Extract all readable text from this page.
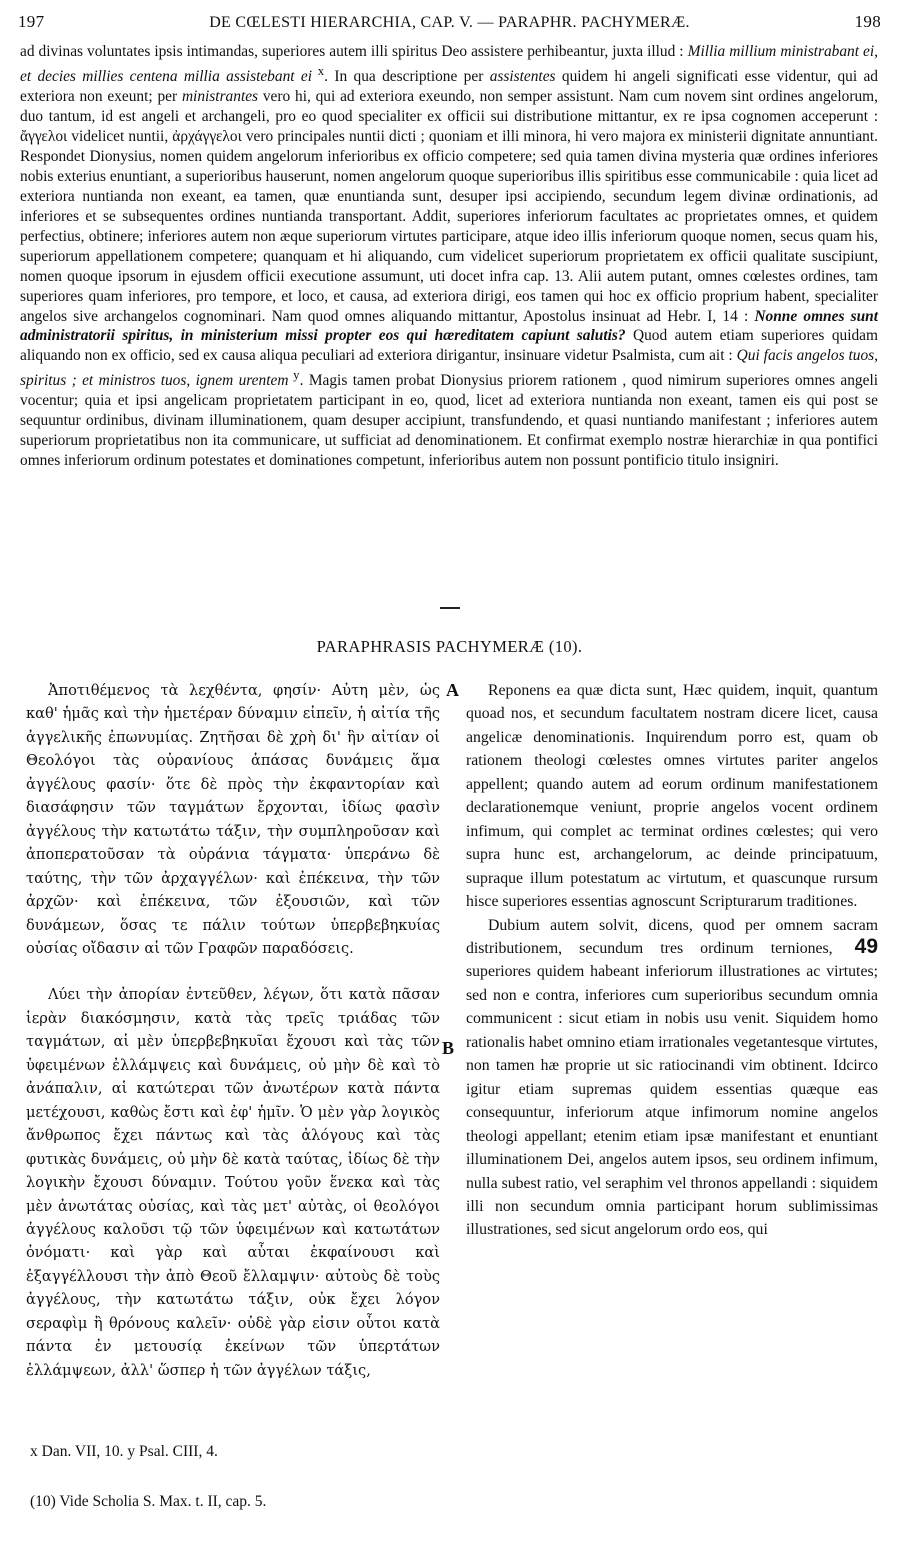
197	DE CŒLESTI HIERARCHIA, CAP. V. — PARAPHR. PACHYMERÆ.	198

ad divinas voluntates ipsis intimandas, superiores autem illi spiritus Deo assistere perhibeantur, juxta illud : Millia millium ministrabant ei, et decies millies centena millia assistebant ei $^x$. In qua descriptione per assistentes quidem hi angeli significati esse videntur, qui ad exteriora non exeunt; per ministrantes vero hi, qui ad exteriora exeundo, non semper assistunt. Nam cum novem sint ordines angelorum, duo tantum, id est angeli et archangeli, pro eo quod specialiter ex officii sui distributione mittantur, ex re ipsa cognomen acceperunt : ἄγγελοι videlicet nuntii, ἀρχάγγελοι vero principales nuntii dicti ; quoniam et illi minora, hi vero majora ex ministerii dignitate annuntiant. Respondet Dionysius, nomen quidem angelorum inferioribus ex officio competere; sed quia tamen divina mysteria quæ ordines inferiores nobis exterius enuntiant, a superioribus hauserunt, nomen angelorum quoque superioribus illis spiritibus esse communicabile : quia licet ad exteriora nuntianda non exeant, ea tamen, quæ enuntianda sunt, desuper ipsi accipiendo, secundum legem divinæ ordinationis, ad inferiores et se subsequentes ordines nuntianda transportant. Addit, superiores inferiorum facultates ac proprietates omnes, et quidem perfectius, obtinere; inferiores autem non æque superiorum virtutes participare, atque ideo illis inferiorum quoque nomen, secus quam his, superiorum appellationem competere; quanquam et hi aliquando, cum videlicet superiorum proprietatem ex officii qualitate suscipiunt, nomen quoque ipsorum in ejusdem officii executione assumunt, uti docet infra cap. 13. Alii autem putant, omnes cœlestes ordines, tam superiores quam inferiores, pro tempore, et loco, et causa, ad exteriora dirigi, eos tamen qui hoc ex officio proprium habent, specialiter angelos sive archangelos cognominari. Nam quod omnes aliquando mittantur, Apostolus insinuat ad Hebr. I, 14 : Nonne omnes sunt administratorii spiritus, in ministerium missi propter eos qui hæreditatem capiunt salutis? Quod autem etiam superiores quidam aliquando non ex officio, sed ex causa aliqua peculiari ad exteriora dirigantur, insinuare videtur Psalmista, cum ait : Qui facis angelos tuos, spiritus ; et ministros tuos, ignem urentem $^y$. Magis tamen probat Dionysius priorem rationem , quod nimirum superiores omnes angeli vocentur; quia et ipsi angelicam proprietatem participant in eo, quod, licet ad exteriora nuntianda non exeant, tamen eis qui post se sequuntur ordinibus, divinam illuminationem, quam desuper accipiunt, transfundendo, et quasi nuntiando manifestant ; inferiores autem superiorum proprietatibus non ita communicare, ut sufficiat ad denominationem. Et confirmat exemplo nostræ hierarchiæ in qua pontifici omnes inferiorum ordinum potestates et dominationes competunt, inferioribus autem non possunt pontificio titulo insigniri.

PARAPHRASIS PACHYMERÆ (10).
A
B

Ἀποτιθέμενος τὰ λεχθέντα, φησίν· Αὐτη μὲν, ὡς καθ' ἡμᾶς καὶ τὴν ἡμετέραν δύναμιν εἰπεῖν, ἡ αἰτία τῆς ἀγγελικῆς ἐπωνυμίας. Ζητῆσαι δὲ χρὴ δι' ἣν αἰτίαν οἱ Θεολόγοι τὰς οὐρανίους ἁπάσας δυνάμεις ἅμα ἀγγέλους φασίν· ὅτε δὲ πρὸς τὴν ἐκφαντορίαν καὶ διασάφησιν τῶν ταγμάτων ἔρχονται, ἰδίως φασὶν ἀγγέλους τὴν κατωτάτω τάξιν, τὴν συμπληροῦσαν καὶ ἀποπερατοῦσαν τὰ οὐράνια τάγματα· ὑπεράνω δὲ ταύτης, τὴν τῶν ἀρχαγγέλων· καὶ ἐπέκεινα, τὴν τῶν ἀρχῶν· καὶ ἐπέκεινα, τῶν ἐξουσιῶν, καὶ τῶν δυνάμεων, ὅσας τε πάλιν τούτων ὑπερβεβηκυίας οὐσίας οἴδασιν αἱ τῶν Γραφῶν παραδόσεις.

Λύει τὴν ἀπορίαν ἐντεῦθεν, λέγων, ὅτι κατὰ πᾶσαν ἱερὰν διακόσμησιν, κατὰ τὰς τρεῖς τριάδας τῶν ταγμάτων, αἱ μὲν ὑπερβεβηκυῖαι ἔχουσι καὶ τὰς τῶν ὑφειμένων ἐλλάμψεις καὶ δυνάμεις, οὐ μὴν δὲ καὶ τὸ ἀνάπαλιν, αἱ κατώτεραι τῶν ἀνωτέρων κατὰ πάντα μετέχουσι, καθὼς ἔστι καὶ ἐφ' ἡμῖν. Ὁ μὲν γὰρ λογικὸς ἄνθρωπος ἔχει πάντως καὶ τὰς ἀλόγους καὶ τὰς φυτικὰς δυνάμεις, οὐ μὴν δὲ κατὰ ταύτας, ἰδίως δὲ τὴν λογικὴν ἔχουσι δύναμιν. Τούτου γοῦν ἕνεκα καὶ τὰς μὲν ἀνωτάτας οὐσίας, καὶ τὰς μετ' αὐτὰς, οἱ θεολόγοι ἀγγέλους καλοῦσι τῷ τῶν ὑφειμένων καὶ κατωτάτων ὀνόματι· καὶ γὰρ καὶ αὗται ἐκφαίνουσι καὶ ἐξαγγέλλουσι τὴν ἀπὸ Θεοῦ ἔλλαμψιν· αὐτοὺς δὲ τοὺς ἀγγέλους, τὴν κατωτάτω τάξιν, οὐκ ἔχει λόγον σεραφὶμ ἢ θρόνους καλεῖν· οὐδὲ γὰρ εἰσιν οὗτοι κατὰ πάντα ἐν μετουσίᾳ ἐκείνων τῶν ὑπερτάτων ἐλλάμψεων, ἀλλ' ὥσπερ ἡ τῶν ἀγγέλων τάξις,

Reponens ea quæ dicta sunt, Hæc quidem, inquit, quantum quoad nos, et secundum facultatem nostram dicere licet, causa angelicæ denominationis. Inquirendum porro est, quam ob rationem theologi cœlestes omnes virtutes pariter angelos appellent; quando autem ad eorum ordinum manifestationem declarationemque veniunt, proprie angelos vocent ordinem infimum, qui complet ac terminat ordines cœlestes; qui vero supra hunc est, archangelorum, ac deinde principatuum, supraque illum potestatum ac virtutum, et quascunque rursum hisce superiores essentias agnoscunt Scripturarum traditiones.

Dubium autem solvit, dicens, quod per omnem sacram distributionem, secundum tres ordinum terniones, 49 superiores quidem habeant inferiorum illustrationes ac virtutes; sed non e contra, inferiores cum superioribus secundum omnia communicent : sicut etiam in nobis usu venit. Siquidem homo rationalis habet omnino etiam irrationales vegetantesque virtutes, non tamen hæ proprie ut sic ratiocinandi vim obtinent. Idcirco igitur etiam supremas quidem essentias quæque eas consequuntur, inferiorum atque infimorum nomine angelos theologi appellant; etenim etiam ipsæ manifestant et enuntiant illuminationem Dei, angelos autem ipsos, seu ordinem infimum, nulla subest ratio, vel seraphim vel thronos appellandi : siquidem illi non secundum omnia participant horum sublimissimas illustrationes, sed sicut angelorum ordo eos, qui

x Dan. VII, 10. y Psal. CIII, 4.
(10) Vide Scholia S. Max. t. II, cap. 5.
